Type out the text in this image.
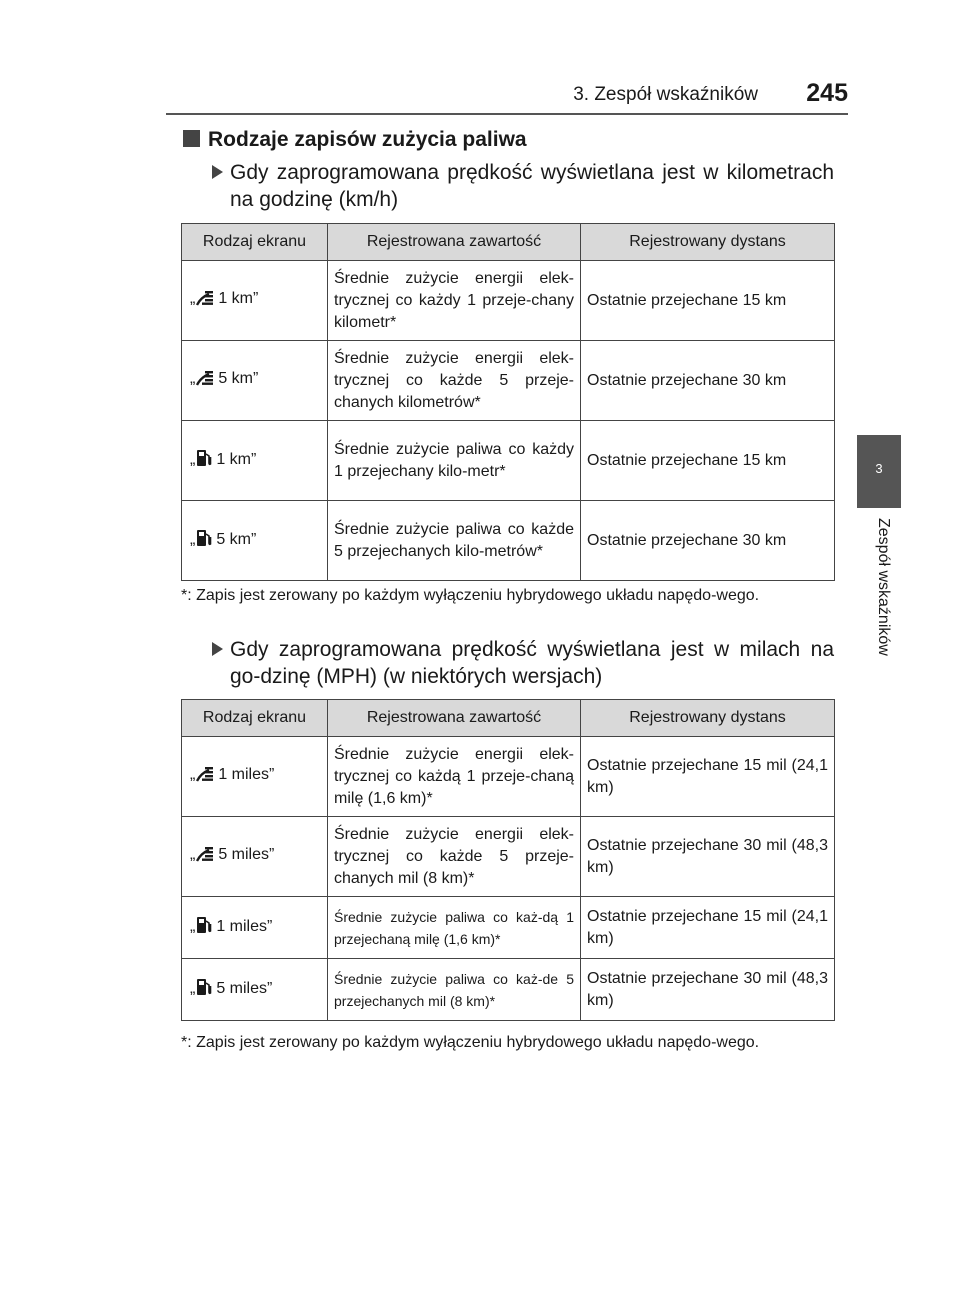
3. Zespół wskaźników	245
3
Zespół wskaźników
Rodzaje zapisów zużycia paliwa
Gdy zaprogramowana prędkość wyświetlana jest w kilometrach na godzinę (km/h)
Rodzaj ekranu	Rejestrowana zawartość	Rejestrowany dystans
„ 1 km”	Średnie zużycie energii elek-trycznej co każdy 1 przeje-chany kilometr*	Ostatnie przejechane 15 km
„ 5 km”	Średnie zużycie energii elek-trycznej co każde 5 przeje-chanych kilometrów*	Ostatnie przejechane 30 km
„ 1 km”	Średnie zużycie paliwa co każdy 1 przejechany kilo-metr*	Ostatnie przejechane 15 km
„ 5 km”	Średnie zużycie paliwa co każde 5 przejechanych kilo-metrów*	Ostatnie przejechane 30 km
*: Zapis jest zerowany po każdym wyłączeniu hybrydowego układu napędo-wego.
Gdy zaprogramowana prędkość wyświetlana jest w milach na go-dzinę (MPH) (w niektórych wersjach)
Rodzaj ekranu	Rejestrowana zawartość	Rejestrowany dystans
„ 1 miles”	Średnie zużycie energii elek-trycznej co każdą 1 przeje-chaną milę (1,6 km)*	Ostatnie przejechane 15 mil (24,1 km)
„ 5 miles”	Średnie zużycie energii elek-trycznej co każde 5 przeje-chanych mil (8 km)*	Ostatnie przejechane 30 mil (48,3 km)
„ 1 miles”	Średnie zużycie paliwa co każ-dą 1 przejechaną milę (1,6 km)*	Ostatnie przejechane 15 mil (24,1 km)
„ 5 miles”	Średnie zużycie paliwa co każ-de 5 przejechanych mil (8 km)*	Ostatnie przejechane 30 mil (48,3 km)
*: Zapis jest zerowany po każdym wyłączeniu hybrydowego układu napędo-wego.
